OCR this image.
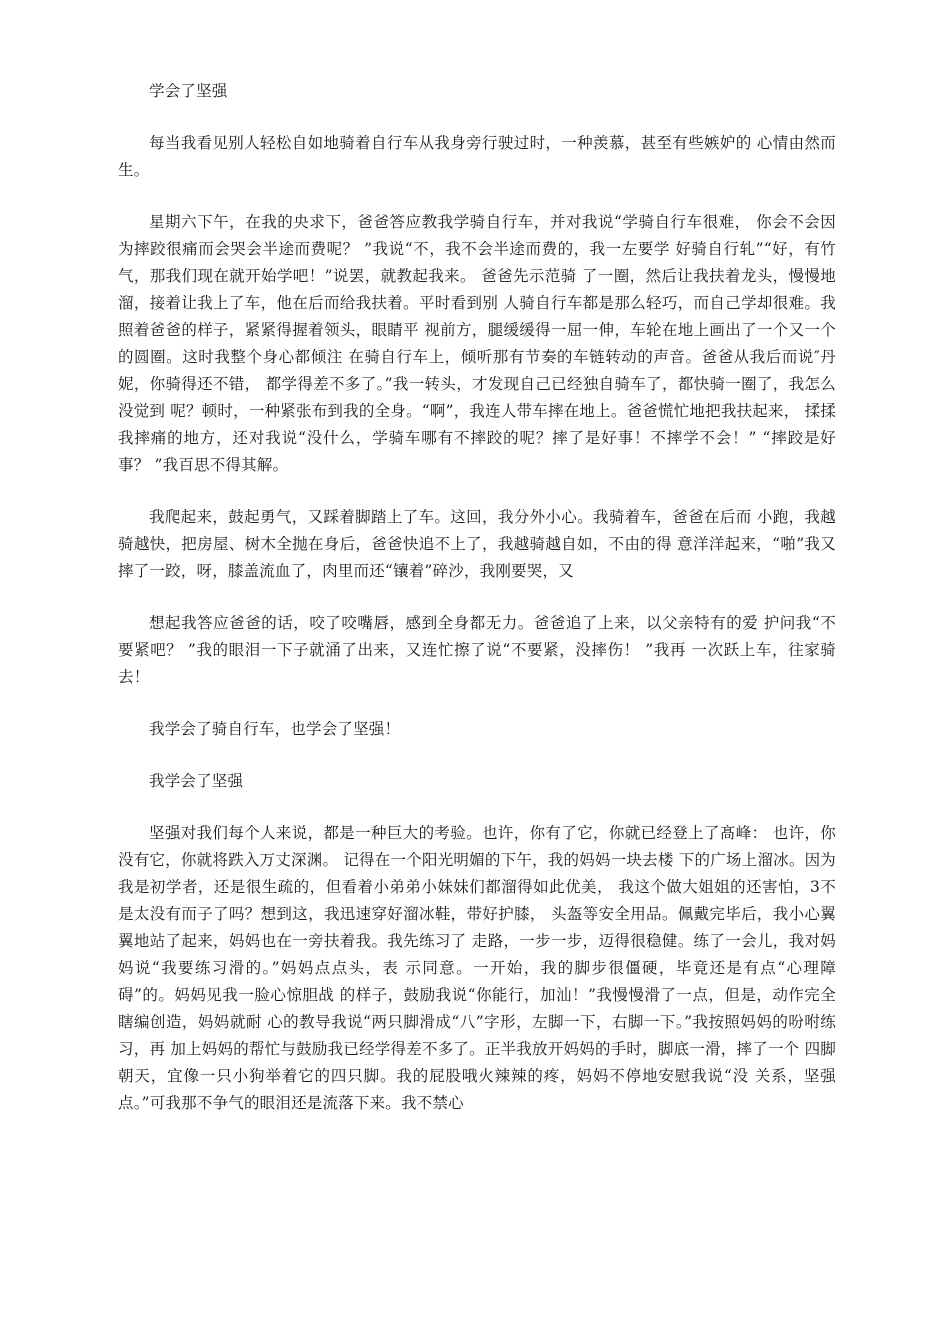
学会了坚强
每当我看见别人轻松自如地骑着自行车从我身旁行驶过时，一种羡慕，甚至有些嫉妒的 心情由然而生。
星期六下午，在我的央求下，爸爸答应教我学骑自行车，并对我说“学骑自行车很难， 你会不会因为摔跤很痛而会哭会半途而费呢？ ”我说“不，我不会半途而费的，我一左要学 好骑自行轧”“好，有竹气，那我们现在就开始学吧！”说罢，就教起我来。 爸爸先示范骑 了一圈，然后让我扶着龙头，慢慢地溜，接着让我上了车，他在后而给我扶着。平时看到别 人骑自行车都是那么轻巧，而自己学却很难。我照着爸爸的样子，紧紧得握着领头，眼睛平 视前方，腿缓缓得一屈一伸，车轮在地上画出了一个又一个的圆圈。这时我整个身心都倾注 在骑自行车上，倾听那有节奏的车链转动的声音。爸爸从我后而说″丹妮，你骑得还不错， 都学得差不多了。”我一转头，才发现自己已经独自骑车了，都快骑一圈了，我怎么没觉到 呢？顿时，一种紧张布到我的全身。“啊”，我连人带车摔在地上。爸爸慌忙地把我扶起来， 揉揉我摔痛的地方，还对我说“没什么，学骑车哪有不摔跤的呢？摔了是好事！不摔学不会！” “摔跤是好事？ ”我百思不得其解。
我爬起来，鼓起勇气，又踩着脚踏上了车。这回，我分外小心。我骑着车，爸爸在后而 小跑，我越骑越快，把房屋、树木全抛在身后，爸爸快追不上了，我越骑越自如，不由的得 意洋洋起来，“啪”我又摔了一跤，呀，膝盖流血了，肉里而还“镶着”碎沙，我刚要哭，又
想起我答应爸爸的话，咬了咬嘴唇，感到全身都无力。爸爸追了上来，以父亲特有的爱 护问我“不要紧吧？ ”我的眼泪一下子就涌了出来，又连忙擦了说“不要紧，没摔伤！ ”我再 一次跃上车，往家骑去！
我学会了骑自行车，也学会了坚强！
我学会了坚强
坚强对我们每个人来说，都是一种巨大的考验。也许，你有了它，你就已经登上了髙峰： 也许，你没有它，你就将跌入万丈深渊。 记得在一个阳光明媚的下午，我的妈妈一块去楼 下的广场上溜冰。因为我是初学者，还是很生疏的，但看着小弟弟小妹妹们都溜得如此优美， 我这个做大姐姐的还害怕，3不是太没有而子了吗？想到这，我迅速穿好溜冰鞋，带好护膝， 头盔等安全用品。佩戴完毕后，我小心翼翼地站了起来，妈妈也在一旁扶着我。我先练习了 走路，一步一步，迈得很稳健。练了一会儿，我对妈妈说“我要练习滑的。”妈妈点点头，表 示同意。一开始，我的脚步很僵硬，毕竟还是有点“心理障碍”的。妈妈见我一脸心惊胆战 的样子，鼓励我说“你能行，加汕！”我慢慢滑了一点，但是，动作完全瞎编创造，妈妈就耐 心的教导我说“两只脚滑成“八”字形，左脚一下，右脚一下。”我按照妈妈的吩咐练习，再 加上妈妈的帮忙与鼓励我已经学得差不多了。正半我放开妈妈的手时，脚底一滑，摔了一个 四脚朝天，宜像一只小狗举着它的四只脚。我的屁股哦火辣辣的疼，妈妈不停地安慰我说“没 关系，坚强点。”可我那不争气的眼泪还是流落下来。我不禁心
